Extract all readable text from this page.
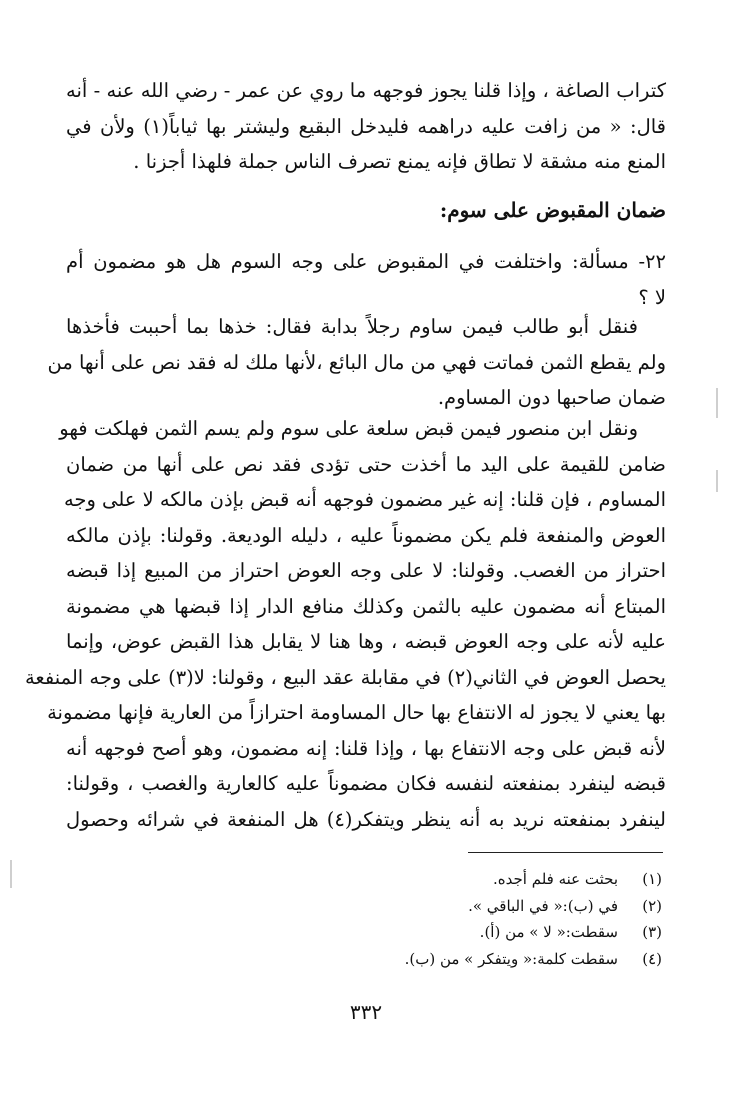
كتراب الصاغة ، وإذا قلنا يجوز فوجهه ما روي عن عمر - رضي الله عنه - أنه
قال: « من زافت عليه دراهمه فليدخل البقيع وليشتر بها ثياباً(١) ولأن في
المنع منه مشقة لا تطاق فإنه يمنع تصرف الناس جملة فلهذا أجزنا .
ضمان المقبوض على سوم:
٢٢- مسألة: واختلفت في المقبوض على وجه السوم هل هو مضمون أم
لا ؟
فنقل أبو طالب فيمن ساوم رجلاً بدابة فقال: خذها بما أحببت فأخذها
ولم يقطع الثمن فماتت فهي من مال البائع ،لأنها ملك له فقد نص على أنها من
ضمان صاحبها دون المساوم.
ونقل ابن منصور فيمن قبض سلعة على سوم ولم يسم الثمن فهلكت فهو
ضامن للقيمة على اليد ما أخذت حتى تؤدى فقد نص على أنها من ضمان
المساوم ، فإن قلنا: إنه غير مضمون فوجهه أنه قبض بإذن مالكه لا على وجه
العوض والمنفعة فلم يكن مضموناً عليه ، دليله الوديعة. وقولنا: بإذن مالكه
احتراز من الغصب. وقولنا: لا على وجه العوض احتراز من المبيع إذا قبضه
المبتاع أنه مضمون عليه بالثمن وكذلك منافع الدار إذا قبضها هي مضمونة
عليه لأنه على وجه العوض قبضه ، وها هنا لا يقابل هذا القبض عوض، وإنما
يحصل العوض في الثاني(٢) في مقابلة عقد البيع ، وقولنا: لا(٣) على وجه المنفعة
بها يعني لا يجوز له الانتفاع بها حال المساومة احترازاً من العارية فإنها مضمونة
لأنه قبض على وجه الانتفاع بها ، وإذا قلنا: إنه مضمون، وهو أصح فوجهه أنه
قبضه لينفرد بمنفعته لنفسه فكان مضموناً عليه كالعارية والغصب ، وقولنا:
لينفرد بمنفعته نريد به أنه ينظر ويتفكر(٤) هل المنفعة في شرائه وحصول
(١)
بحثت عنه فلم أجده.
(٢)
في (ب):« في الباقي ».
(٣)
سقطت:« لا » من (أ).
(٤)
سقطت كلمة:« ويتفكر » من (ب).
٣٣٢
